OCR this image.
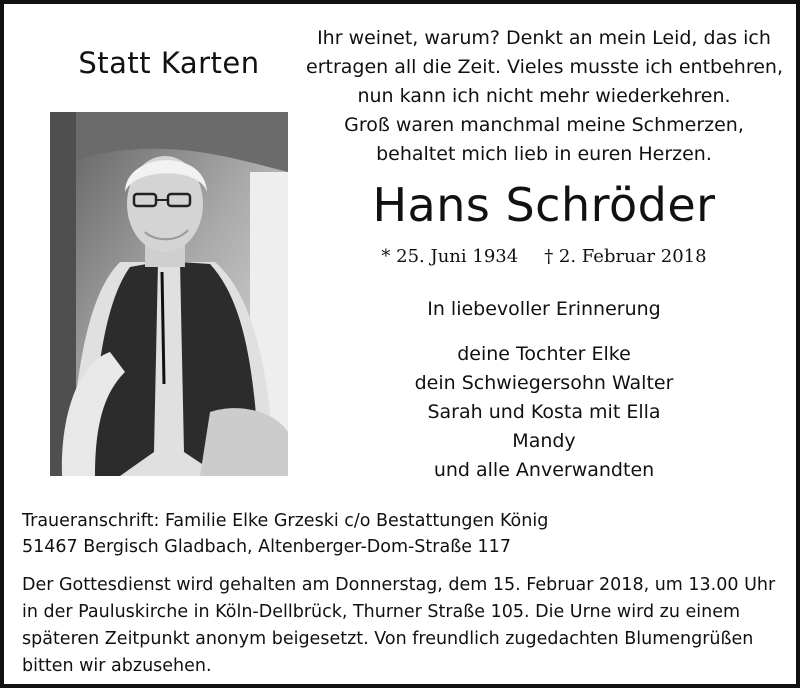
Statt Karten
Ihr weinet, warum? Denkt an mein Leid, das ich
ertragen all die Zeit. Vieles musste ich entbehren,
nun kann ich nicht mehr wiederkehren.
Groß waren manchmal meine Schmerzen,
behaltet mich lieb in euren Herzen.
Hans Schröder
* 25. Juni 1934 † 2. Februar 2018
In liebevoller Erinnerung
deine Tochter Elke
dein Schwiegersohn Walter
Sarah und Kosta mit Ella
Mandy
und alle Anverwandten
Traueranschrift: Familie Elke Grzeski c/o Bestattungen König
51467 Bergisch Gladbach, Altenberger-Dom-Straße 117
Der Gottesdienst wird gehalten am Donnerstag, dem 15. Februar 2018, um 13.00 Uhr
in der Pauluskirche in Köln-Dellbrück, Thurner Straße 105. Die Urne wird zu einem
späteren Zeitpunkt anonym beigesetzt. Von freundlich zugedachten Blumengrüßen
bitten wir abzusehen.
